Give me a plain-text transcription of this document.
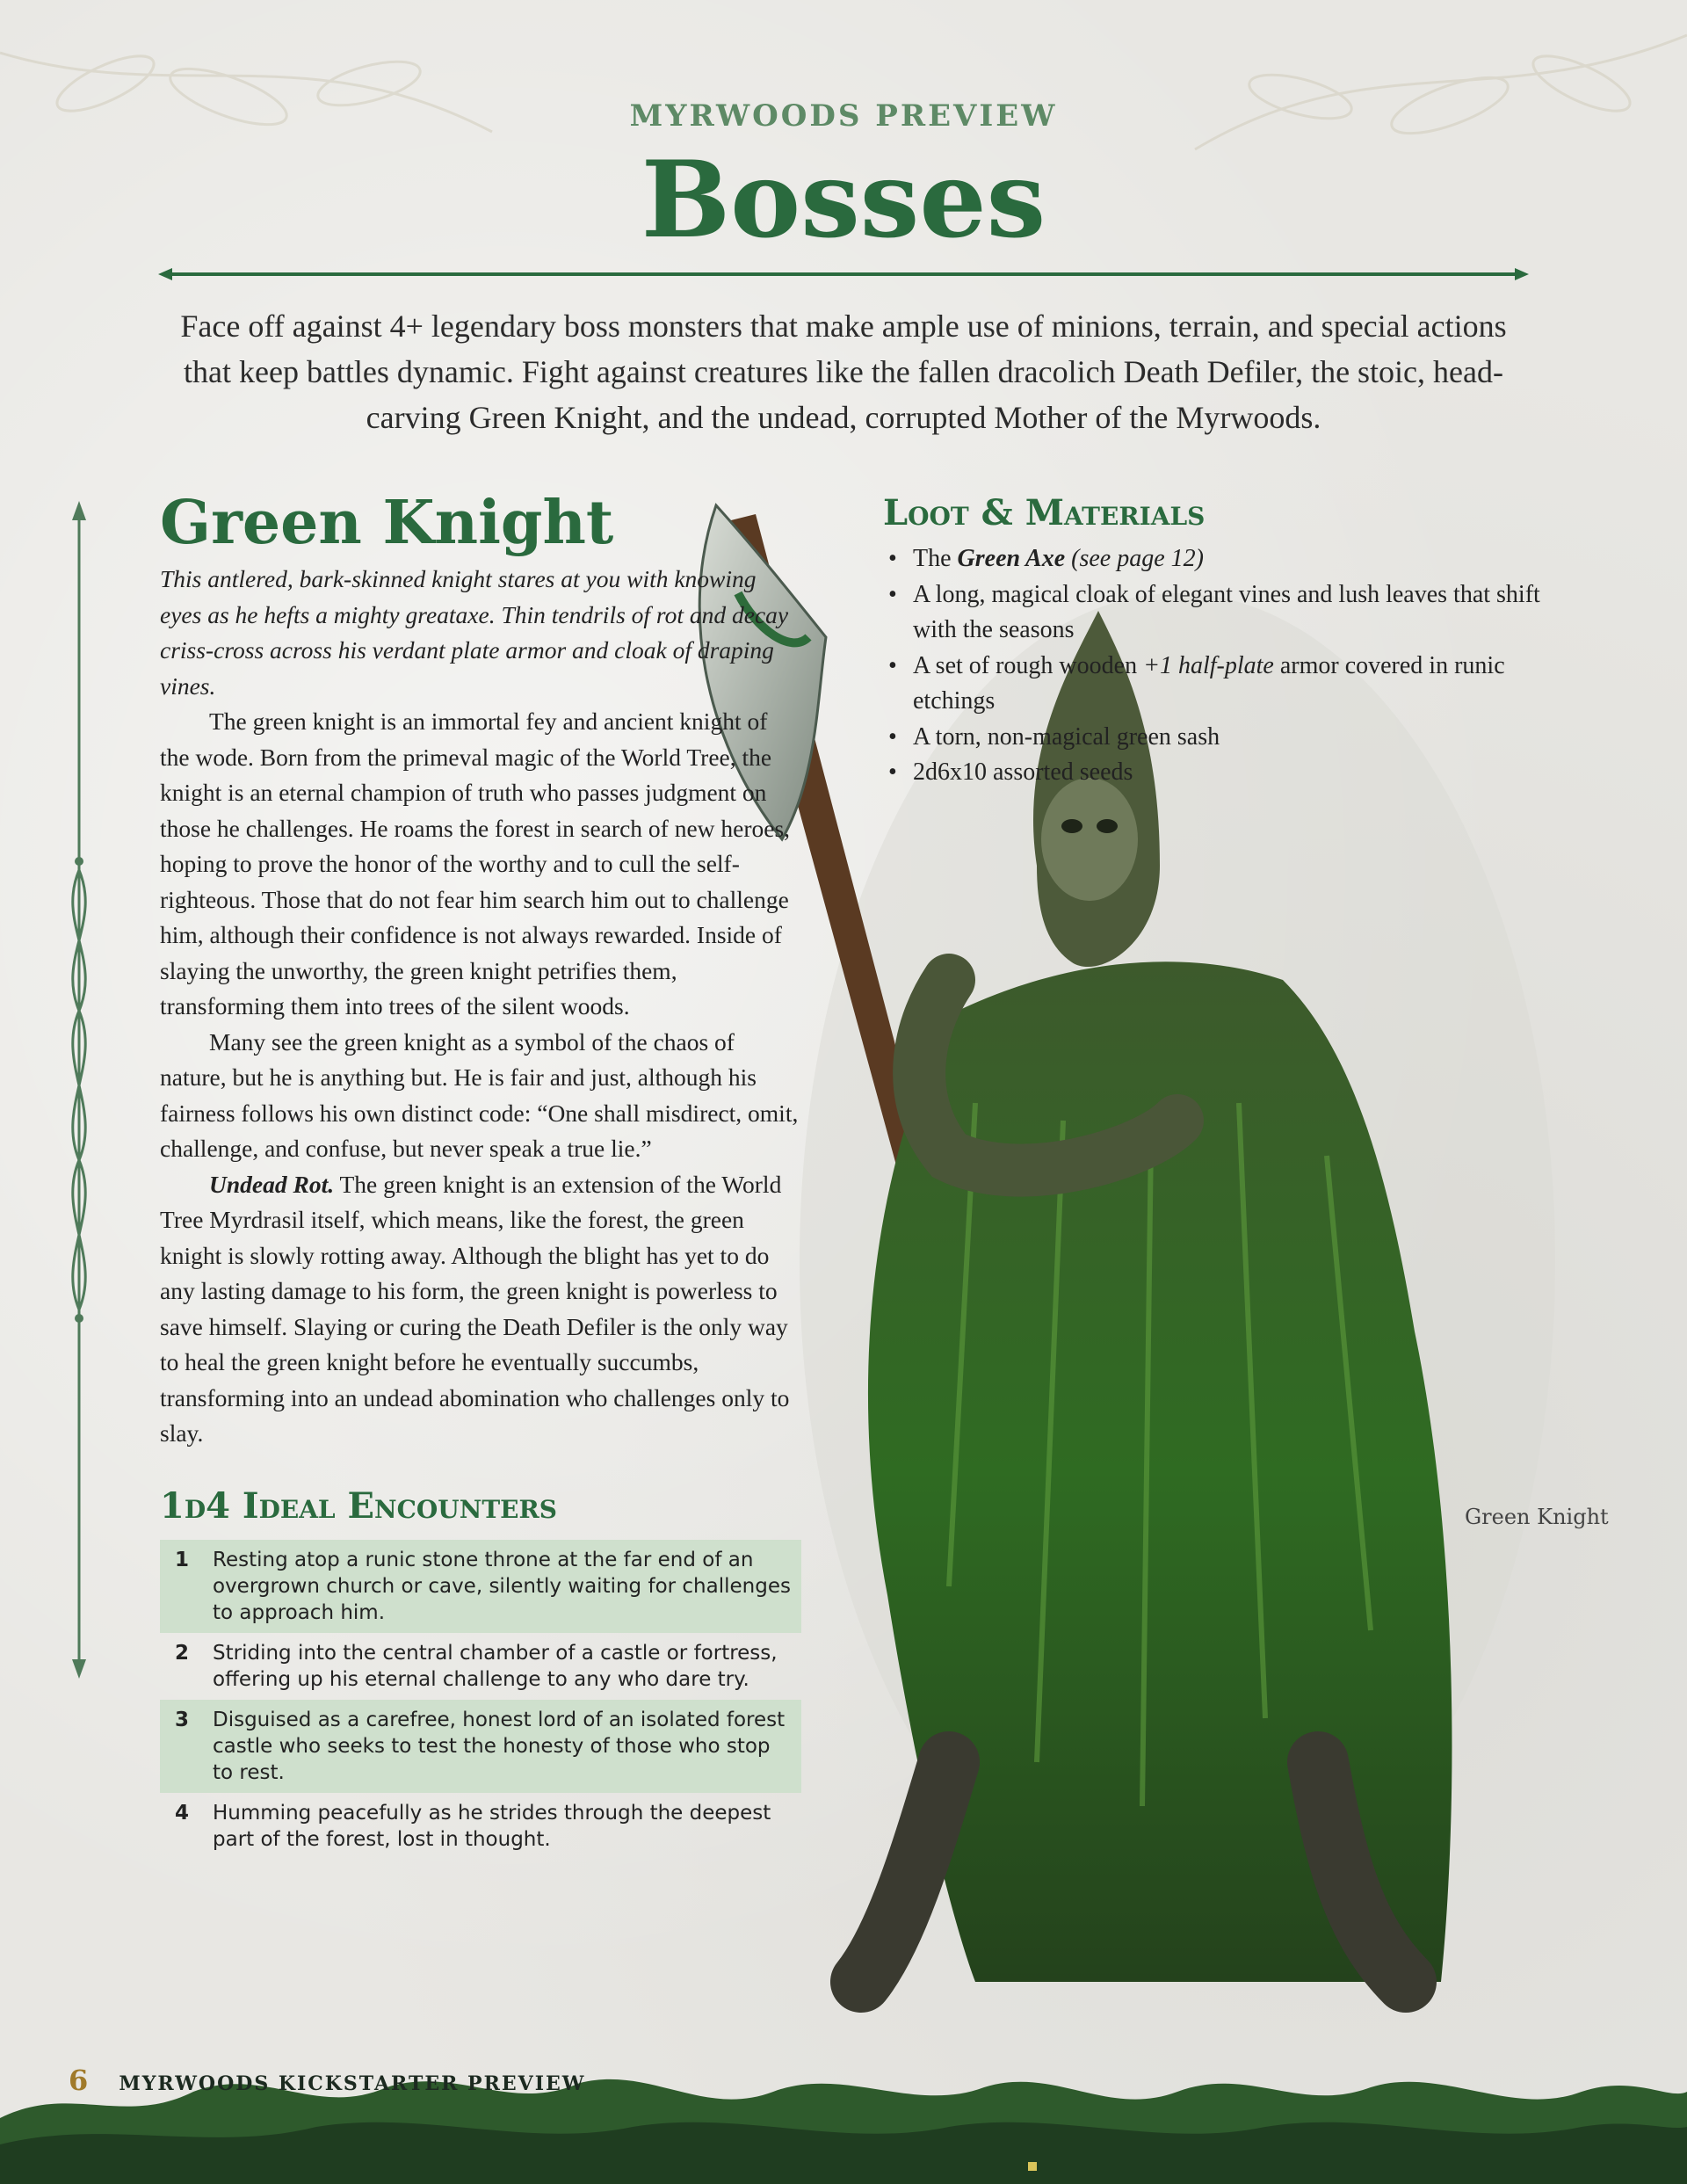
MYRWOODS PREVIEW
Bosses
Face off against 4+ legendary boss monsters that make ample use of minions, terrain, and special actions that keep battles dynamic. Fight against creatures like the fallen dracolich Death Defiler, the stoic, head-carving Green Knight, and the undead, corrupted Mother of the Myrwoods.
Green Knight
Green Knight

This antlered, bark-skinned knight stares at you with knowing eyes as he hefts a mighty greataxe. Thin tendrils of rot and decay criss-cross across his verdant plate armor and cloak of draping vines.

The green knight is an immortal fey and ancient knight of the wode. Born from the primeval magic of the World Tree, the knight is an eternal champion of truth who passes judgment on those he challenges. He roams the forest in search of new heroes, hoping to prove the honor of the worthy and to cull the self-righteous. Those that do not fear him search him out to challenge him, although their confidence is not always rewarded. Inside of slaying the unworthy, the green knight petrifies them, transforming them into trees of the silent woods.

Many see the green knight as a symbol of the chaos of nature, but he is anything but. He is fair and just, although his fairness follows his own distinct code: “One shall misdirect, omit, challenge, and confuse, but never speak a true lie.”

Undead Rot. The green knight is an extension of the World Tree Myrdrasil itself, which means, like the forest, the green knight is slowly rotting away. Although the blight has yet to do any lasting damage to his form, the green knight is powerless to save himself. Slaying or curing the Death Defiler is the only way to heal the green knight before he eventually succumbs, transforming into an undead abomination who challenges only to slay.

1d4 Ideal Encounters
1	Resting atop a runic stone throne at the far end of an overgrown church or cave, silently waiting for challenges to approach him.
2	Striding into the central chamber of a castle or fortress, offering up his eternal challenge to any who dare try.
3	Disguised as a carefree, honest lord of an isolated forest castle who seeks to test the honesty of those who stop to rest.
4	Humming peacefully as he strides through the deepest part of the forest, lost in thought.
Loot & Materials
• The Green Axe (see page 12)
• A long, magical cloak of elegant vines and lush leaves that shift with the seasons
• A set of rough wooden +1 half-plate armor covered in runic etchings
• A torn, non-magical green sash
• 2d6x10 assorted seeds
6 MYRWOODS KICKSTARTER PREVIEW
